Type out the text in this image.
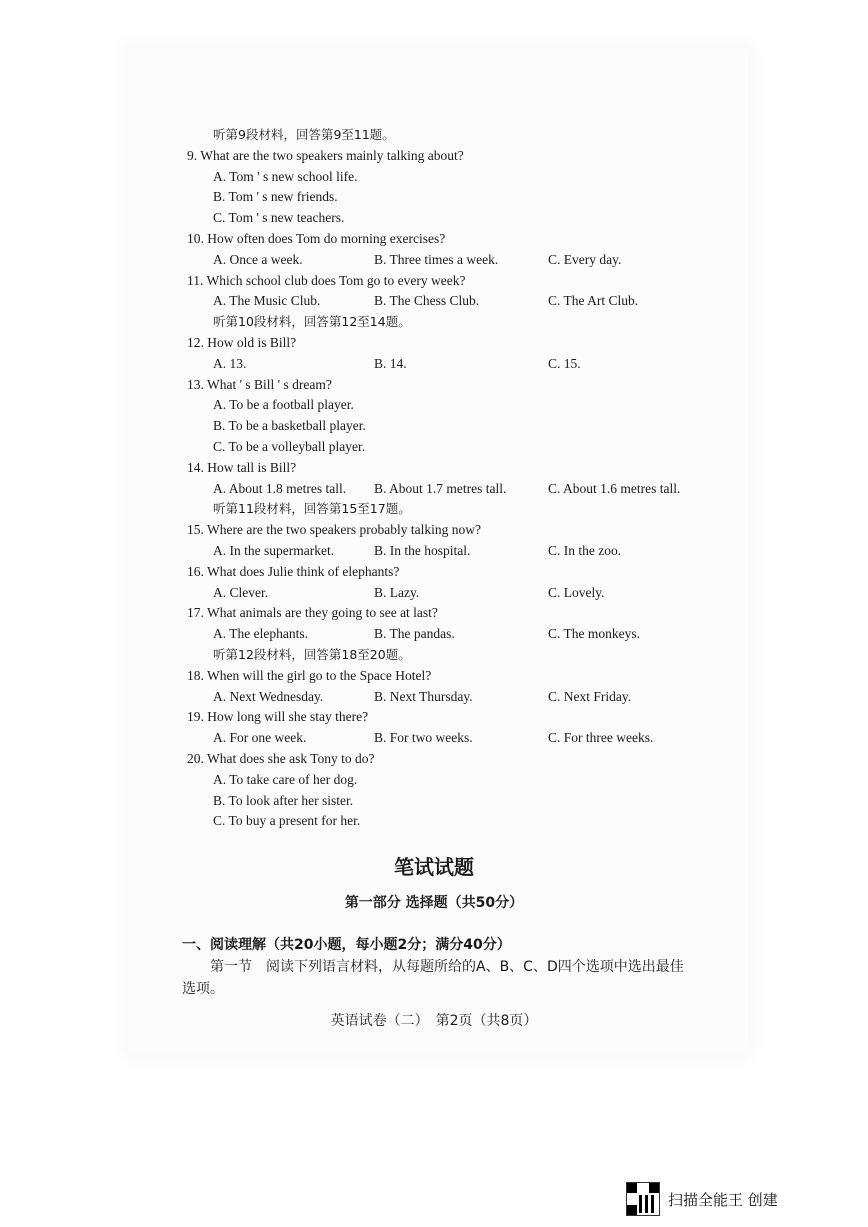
听第9段材料，回答第9至11题。
9. What are the two speakers mainly talking about?
A. Tom ' s new school life.
B. Tom ' s new friends.
C. Tom ' s new teachers.
10. How often does Tom do morning exercises?
A. Once a week.	B. Three times a week.	C. Every day.
11. Which school club does Tom go to every week?
A. The Music Club.	B. The Chess Club.	C. The Art Club.
听第10段材料，回答第12至14题。
12. How old is Bill?
A. 13.	B. 14.	C. 15.
13. What ' s Bill ' s dream?
A. To be a football player.
B. To be a basketball player.
C. To be a volleyball player.
14. How tall is Bill?
A. About 1.8 metres tall. B. About 1.7 metres tall.	C. About 1.6 metres tall.
听第11段材料，回答第15至17题。
15. Where are the two speakers probably talking now?
A. In the supermarket.	B. In the hospital.	C. In the zoo.
16. What does Julie think of elephants?
A. Clever.	B. Lazy.	C. Lovely.
17. What animals are they going to see at last?
A. The elephants.	B. The pandas.	C. The monkeys.
听第12段材料，回答第18至20题。
18. When will the girl go to the Space Hotel?
A. Next Wednesday.	B. Next Thursday.	C. Next Friday.
19. How long will she stay there?
A. For one week.	B. For two weeks.	C. For three weeks.
20. What does she ask Tony to do?
A. To take care of her dog.
B. To look after her sister.
C. To buy a present for her.
笔试试题
第一部分 选择题（共50分）
一、阅读理解（共20小题，每小题2分；满分40分）
第一节　阅读下列语言材料，从每题所给的A、B、C、D四个选项中选出最佳
选项。
英语试卷（二）　第2页（共8页）
扫描全能王 创建
